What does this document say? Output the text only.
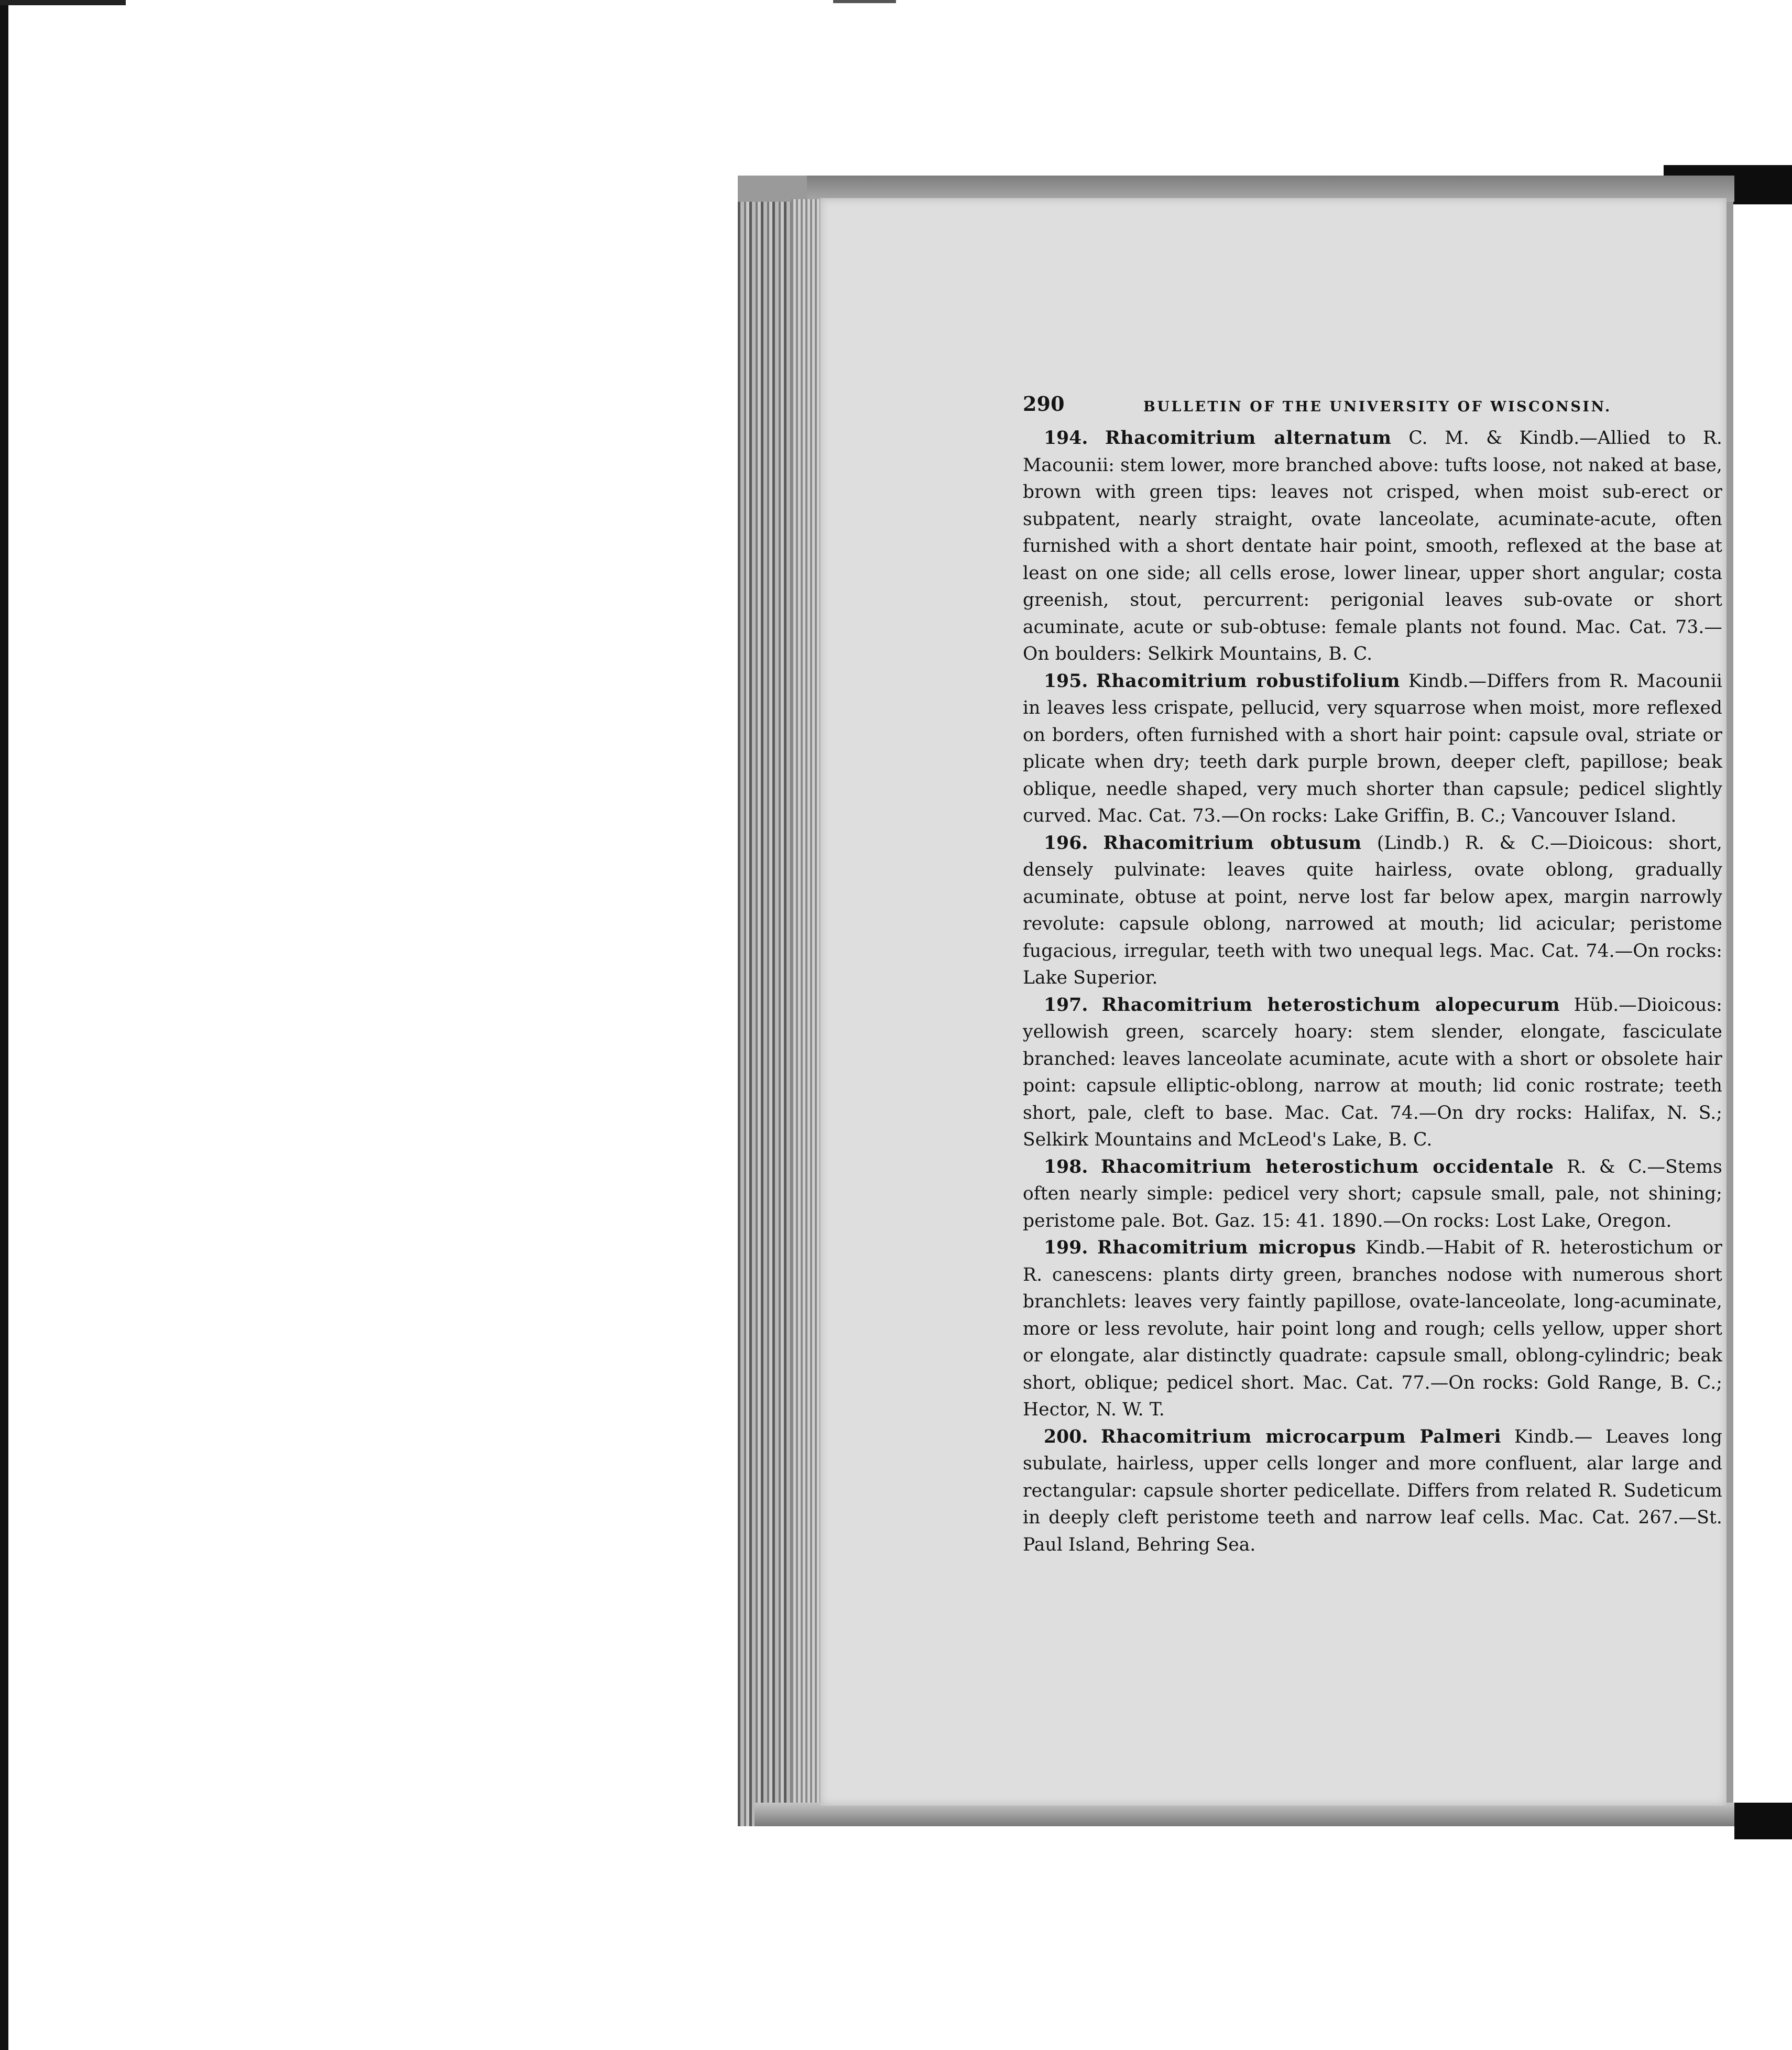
290	BULLETIN OF THE UNIVERSITY OF WISCONSIN.

194. Rhacomitrium alternatum C. M. & Kindb.—Allied to R. Macounii: stem lower, more branched above: tufts loose, not naked at base, brown with green tips: leaves not crisped, when moist sub-erect or subpatent, nearly straight, ovate lanceolate, acuminate-acute, often furnished with a short dentate hair point, smooth, reflexed at the base at least on one side; all cells erose, lower linear, upper short angular; costa greenish, stout, percurrent: perigonial leaves sub-ovate or short acuminate, acute or sub-obtuse: female plants not found. Mac. Cat. 73.—On boulders: Selkirk Mountains, B. C.

195. Rhacomitrium robustifolium Kindb.—Differs from R. Macounii in leaves less crispate, pellucid, very squarrose when moist, more reflexed on borders, often furnished with a short hair point: capsule oval, striate or plicate when dry; teeth dark purple brown, deeper cleft, papillose; beak oblique, needle shaped, very much shorter than capsule; pedicel slightly curved. Mac. Cat. 73.—On rocks: Lake Griffin, B. C.; Vancouver Island.

196. Rhacomitrium obtusum (Lindb.) R. & C.—Dioicous: short, densely pulvinate: leaves quite hairless, ovate oblong, gradually acuminate, obtuse at point, nerve lost far below apex, margin narrowly revolute: capsule oblong, narrowed at mouth; lid acicular; peristome fugacious, irregular, teeth with two unequal legs. Mac. Cat. 74.—On rocks: Lake Superior.

197. Rhacomitrium heterostichum alopecurum Hüb.—Dioicous: yellowish green, scarcely hoary: stem slender, elongate, fasciculate branched: leaves lanceolate acuminate, acute with a short or obsolete hair point: capsule elliptic-oblong, narrow at mouth; lid conic rostrate; teeth short, pale, cleft to base. Mac. Cat. 74.—On dry rocks: Halifax, N. S.; Selkirk Mountains and McLeod's Lake, B. C.

198. Rhacomitrium heterostichum occidentale R. & C.—Stems often nearly simple: pedicel very short; capsule small, pale, not shining; peristome pale. Bot. Gaz. 15: 41. 1890.—On rocks: Lost Lake, Oregon.

199. Rhacomitrium micropus Kindb.—Habit of R. heterostichum or R. canescens: plants dirty green, branches nodose with numerous short branchlets: leaves very faintly papillose, ovate-lanceolate, long-acuminate, more or less revolute, hair point long and rough; cells yellow, upper short or elongate, alar distinctly quadrate: capsule small, oblong-cylindric; beak short, oblique; pedicel short. Mac. Cat. 77.—On rocks: Gold Range, B. C.; Hector, N. W. T.

200. Rhacomitrium microcarpum Palmeri Kindb.— Leaves long subulate, hairless, upper cells longer and more confluent, alar large and rectangular: capsule shorter pedicellate. Differs from related R. Sudeticum in deeply cleft peristome teeth and narrow leaf cells. Mac. Cat. 267.—St. Paul Island, Behring Sea.
